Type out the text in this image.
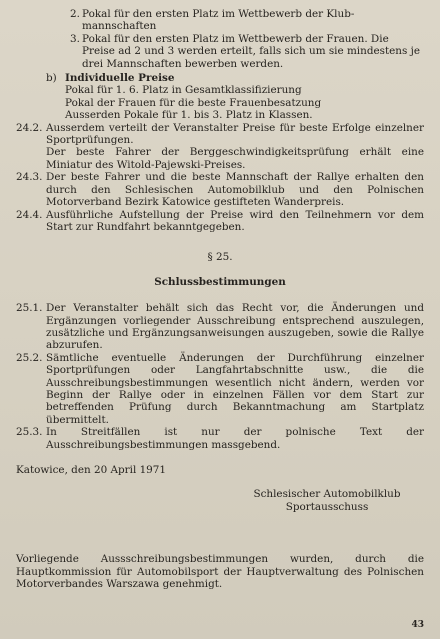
2. Pokal für den ersten Platz im Wettbewerb der Klub-mannschaften
3. Pokal für den ersten Platz im Wettbewerb der Frauen. Die Preise ad 2 und 3 werden erteilt, falls sich um sie mindestens je drei Mannschaften bewerben werden.
b) Individuelle Preise
Pokal für 1. 6. Platz in Gesamtklassifizierung
Pokal der Frauen für die beste Frauenbesatzung
Ausserden Pokale für 1. bis 3. Platz in Klassen.
24.2. Ausserdem verteilt der Veranstalter Preise für beste Erfolge einzelner Sportprüfungen.
Der beste Fahrer der Berggeschwindigkeitsprüfung erhält eine Miniatur des Witold-Pajewski-Preises.
24.3. Der beste Fahrer und die beste Mannschaft der Rallye erhalten den durch den Schlesischen Automobilklub und den Polnischen Motorverband Bezirk Katowice gestifteten Wanderpreis.
24.4. Ausführliche Aufstellung der Preise wird den Teilnehmern vor dem Start zur Rundfahrt bekanntgegeben.
§ 25.
Schlussbestimmungen
25.1. Der Veranstalter behält sich das Recht vor, die Änderungen und Ergänzungen vorliegender Ausschreibung entsprechend auszulegen, zusätzliche und Ergänzungsanweisungen auszugeben, sowie die Rallye abzurufen.
25.2. Sämtliche eventuelle Änderungen der Durchführung einzelner Sportprüfungen oder Langfahrtabschnitte usw., die die Ausschreibungsbestimmungen wesentlich nicht ändern, werden vor Beginn der Rallye oder in einzelnen Fällen vor dem Start zur betreffenden Prüfung durch Bekanntmachung am Startplatz übermittelt.
25.3. In Streitfällen ist nur der polnische Text der Ausschreibungsbestimmungen massgebend.
Katowice, den 20 April 1971
Schlesischer Automobilklub
Sportausschuss
Vorliegende Aussschreibungsbestimmungen wurden, durch die Hauptkommission für Automobilsport der Hauptverwaltung des Polnischen Motorverbandes Warszawa genehmigt.
43
